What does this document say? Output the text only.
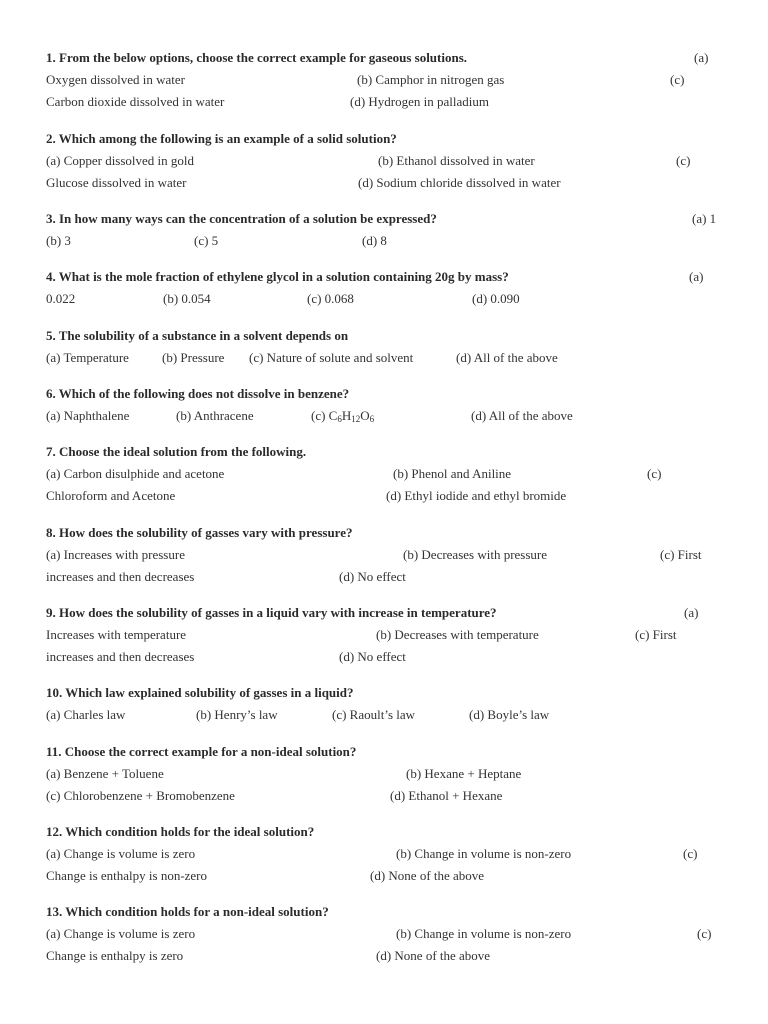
1. From the below options, choose the correct example for gaseous solutions.	(a)
Oxygen dissolved in water	(b) Camphor in nitrogen gas	(c)
Carbon dioxide dissolved in water	(d) Hydrogen in palladium
2. Which among the following is an example of a solid solution?
(a) Copper dissolved in gold	(b) Ethanol dissolved in water	(c)
Glucose dissolved in water	(d) Sodium chloride dissolved in water
3. In how many ways can the concentration of a solution be expressed?	(a) 1
(b) 3	(c) 5	(d) 8
4. What is the mole fraction of ethylene glycol in a solution containing 20g by mass?	(a)
0.022	(b) 0.054	(c) 0.068	(d) 0.090
5. The solubility of a substance in a solvent depends on
(a) Temperature	(b) Pressure (c) Nature of solute and solvent	(d) All of the above
6. Which of the following does not dissolve in benzene?
(a) Naphthalene	(b) Anthracene	(c) $C_6H_{12}O_6$	(d) All of the above
7. Choose the ideal solution from the following.
(a) Carbon disulphide and acetone	(b) Phenol and Aniline	(c)
Chloroform and Acetone	(d) Ethyl iodide and ethyl bromide
8. How does the solubility of gasses vary with pressure?
(a) Increases with pressure	(b) Decreases with pressure	(c) First
increases and then decreases	(d) No effect
9. How does the solubility of gasses in a liquid vary with increase in temperature?	(a)
Increases with temperature	(b) Decreases with temperature	(c) First
increases and then decreases	(d) No effect
10. Which law explained solubility of gasses in a liquid?
(a) Charles law	(b) Henry’s law	(c) Raoult’s law	(d) Boyle’s law
11. Choose the correct example for a non-ideal solution?
(a) Benzene + Toluene	(b) Hexane + Heptane
(c) Chlorobenzene + Bromobenzene	(d) Ethanol + Hexane
12. Which condition holds for the ideal solution?
(a) Change is volume is zero	(b) Change in volume is non-zero	(c)
Change is enthalpy is non-zero	(d) None of the above
13. Which condition holds for a non-ideal solution?
(a) Change is volume is zero	(b) Change in volume is non-zero	(c)
Change is enthalpy is zero	(d) None of the above
